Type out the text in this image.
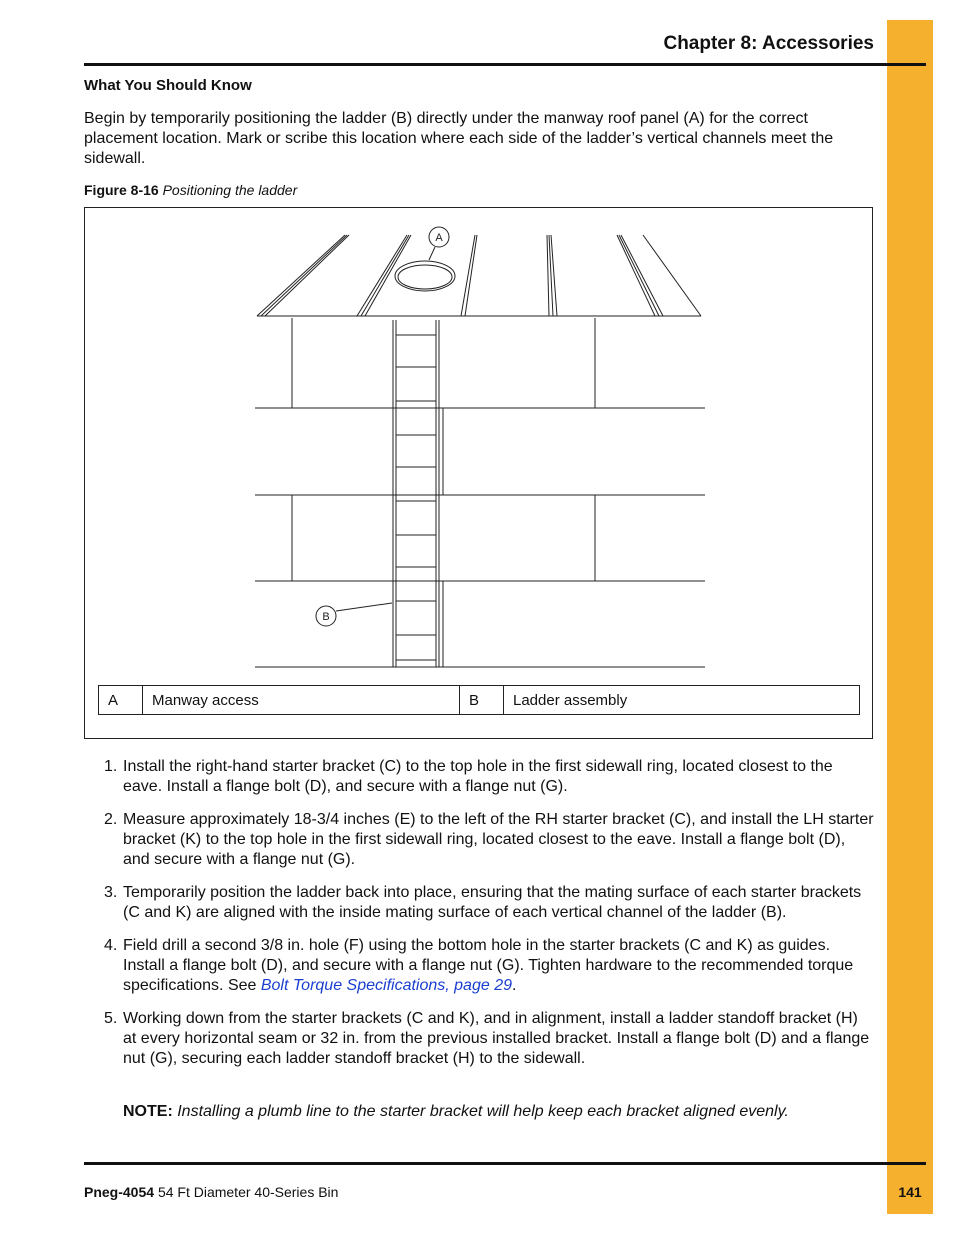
Chapter 8: Accessories
What You Should Know

Begin by temporarily positioning the ladder (B) directly under the manway roof panel (A) for the correct placement location. Mark or scribe this location where each side of the ladder’s vertical channels meet the sidewall.

Figure 8-16 Positioning the ladder
A
B
A	Manway access	B	Ladder assembly
1. Install the right-hand starter bracket (C) to the top hole in the first sidewall ring, located closest to the eave. Install a flange bolt (D), and secure with a flange nut (G).
2. Measure approximately 18-3/4 inches (E) to the left of the RH starter bracket (C), and install the LH starter bracket (K) to the top hole in the first sidewall ring, located closest to the eave. Install a flange bolt (D), and secure with a flange nut (G).
3. Temporarily position the ladder back into place, ensuring that the mating surface of each starter brackets (C and K) are aligned with the inside mating surface of each vertical channel of the ladder (B).
4. Field drill a second 3/8 in. hole (F) using the bottom hole in the starter brackets (C and K) as guides. Install a flange bolt (D), and secure with a flange nut (G). Tighten hardware to the recommended torque specifications. See Bolt Torque Specifications, page 29.
5. Working down from the starter brackets (C and K), and in alignment, install a ladder standoff bracket (H) at every horizontal seam or 32 in. from the previous installed bracket. Install a flange bolt (D) and a flange nut (G), securing each ladder standoff bracket (H) to the sidewall.

NOTE: Installing a plumb line to the starter bracket will help keep each bracket aligned evenly.

Pneg-4054 54 Ft Diameter 40-Series Bin	141
